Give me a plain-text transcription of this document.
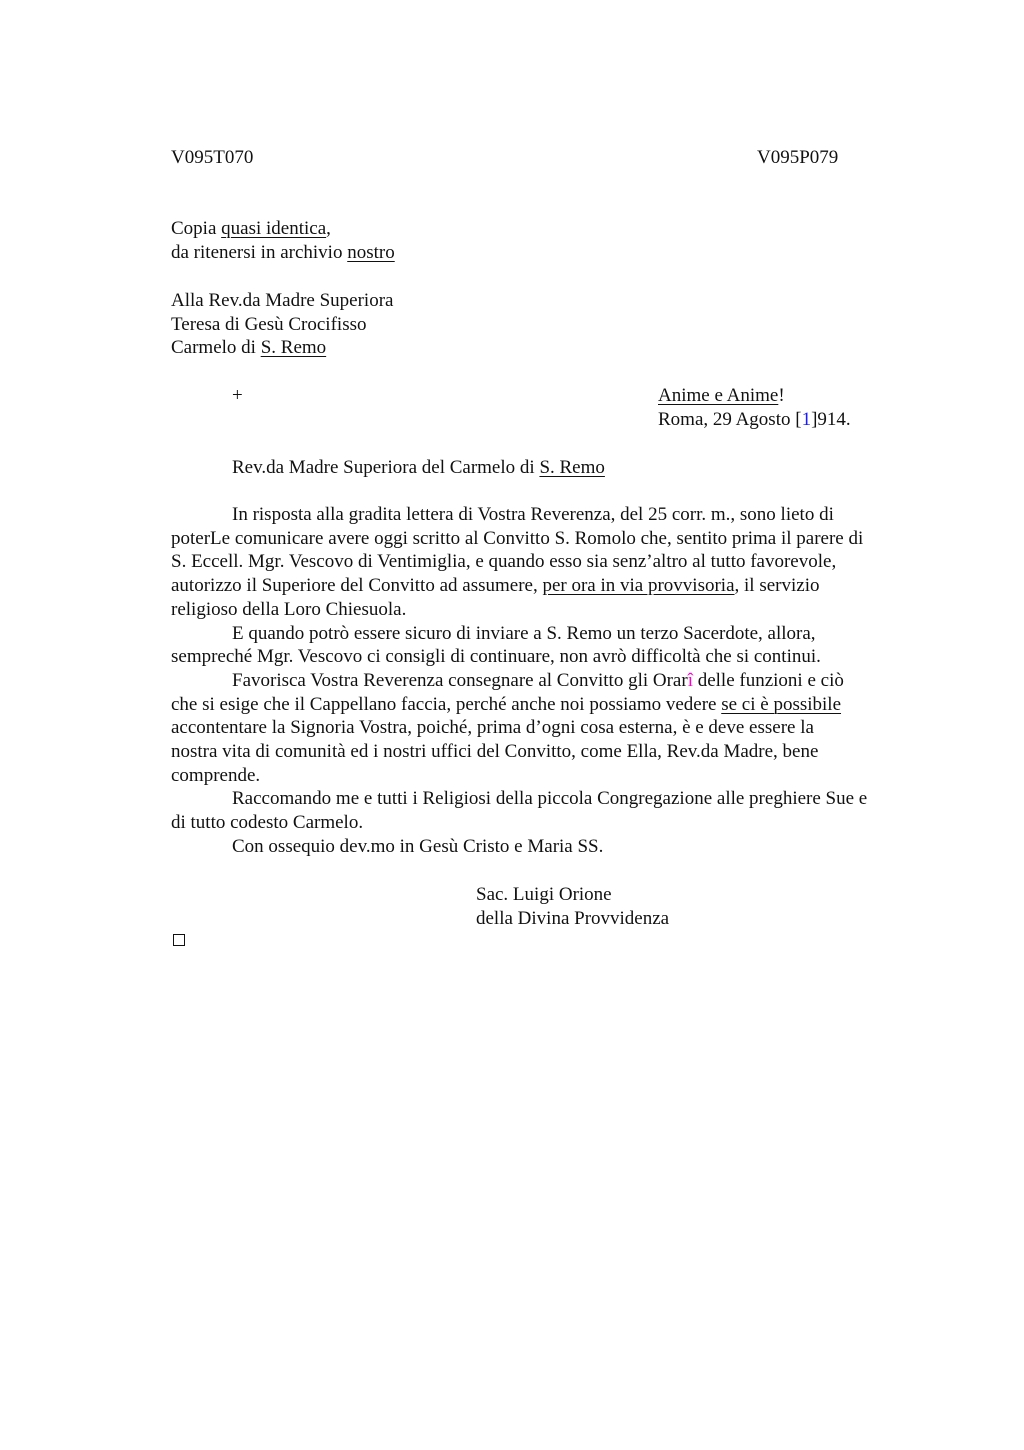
V095T070	V095P079
Copia quasi identica,
da ritenersi in archivio nostro
Alla Rev.da Madre Superiora
Teresa di Gesù Crocifisso
Carmelo di S. Remo
+	Anime e Anime!
Roma, 29 Agosto [1]914.
Rev.da Madre Superiora del Carmelo di S. Remo
In risposta alla gradita lettera di Vostra Reverenza, del 25 corr. m., sono lieto di
poterLe comunicare avere oggi scritto al Convitto S. Romolo che, sentito prima il parere di
S. Eccell. Mgr. Vescovo di Ventimiglia, e quando esso sia senz’altro al tutto favorevole,
autorizzo il Superiore del Convitto ad assumere, per ora in via provvisoria, il servizio
religioso della Loro Chiesuola.
E quando potrò essere sicuro di inviare a S. Remo un terzo Sacerdote, allora,
sempreché Mgr. Vescovo ci consigli di continuare, non avrò difficoltà che si continui.
Favorisca Vostra Reverenza consegnare al Convitto gli Orarî delle funzioni e ciò
che si esige che il Cappellano faccia, perché anche noi possiamo vedere se ci è possibile
accontentare la Signoria Vostra, poiché, prima d’ogni cosa esterna, è e deve essere la
nostra vita di comunità ed i nostri uffici del Convitto, come Ella, Rev.da Madre, bene
comprende.
Raccomando me e tutti i Religiosi della piccola Congregazione alle preghiere Sue e
di tutto codesto Carmelo.
Con ossequio dev.mo in Gesù Cristo e Maria SS.
Sac. Luigi Orione
della Divina Provvidenza
